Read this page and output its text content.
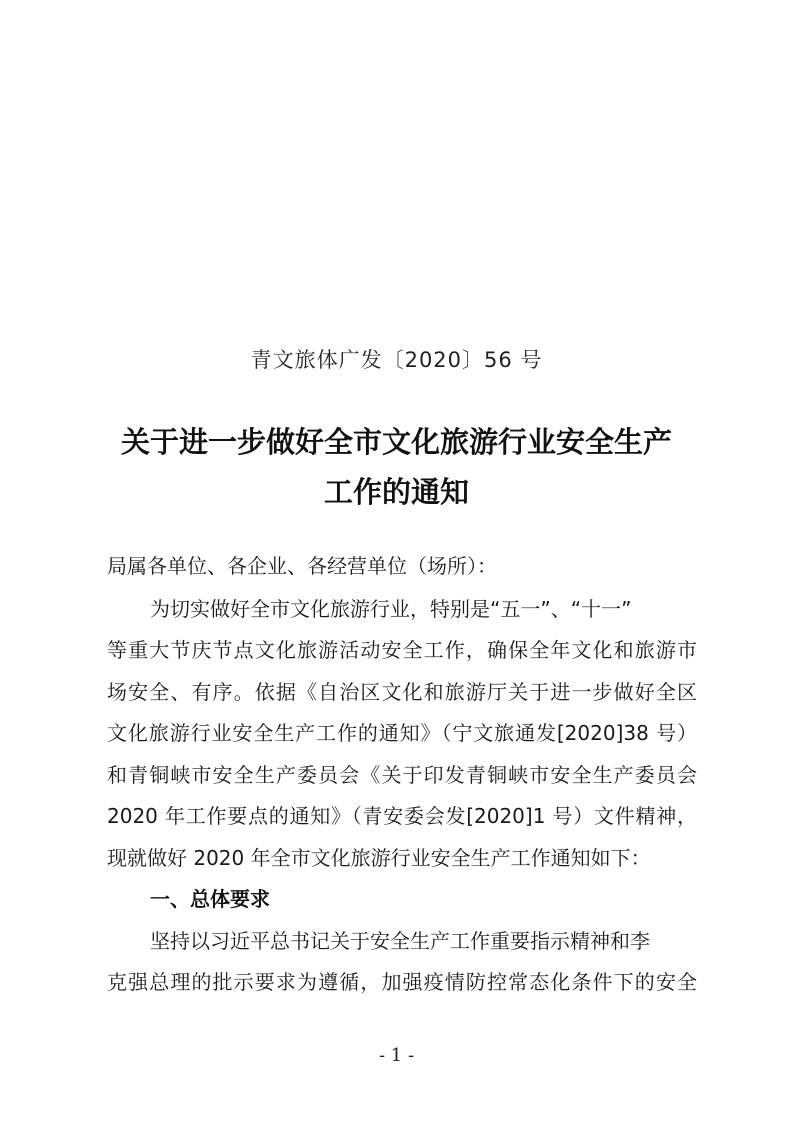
青文旅体广发〔2020〕56 号
关于进一步做好全市文化旅游行业安全生产
工作的通知
局属各单位、各企业、各经营单位（场所）：
为切实做好全市文化旅游行业，特别是“五一”、“十一”
等重大节庆节点文化旅游活动安全工作，确保全年文化和旅游市
场安全、有序。依据《自治区文化和旅游厅关于进一步做好全区
文化旅游行业安全生产工作的通知》（宁文旅通发[2020]38 号）
和青铜峡市安全生产委员会《关于印发青铜峡市安全生产委员会
2020 年工作要点的通知》（青安委会发[2020]1 号）文件精神，
现就做好 2020 年全市文化旅游行业安全生产工作通知如下：
一、总体要求
坚持以习近平总书记关于安全生产工作重要指示精神和李
克强总理的批示要求为遵循，加强疫情防控常态化条件下的安全
- 1 -
